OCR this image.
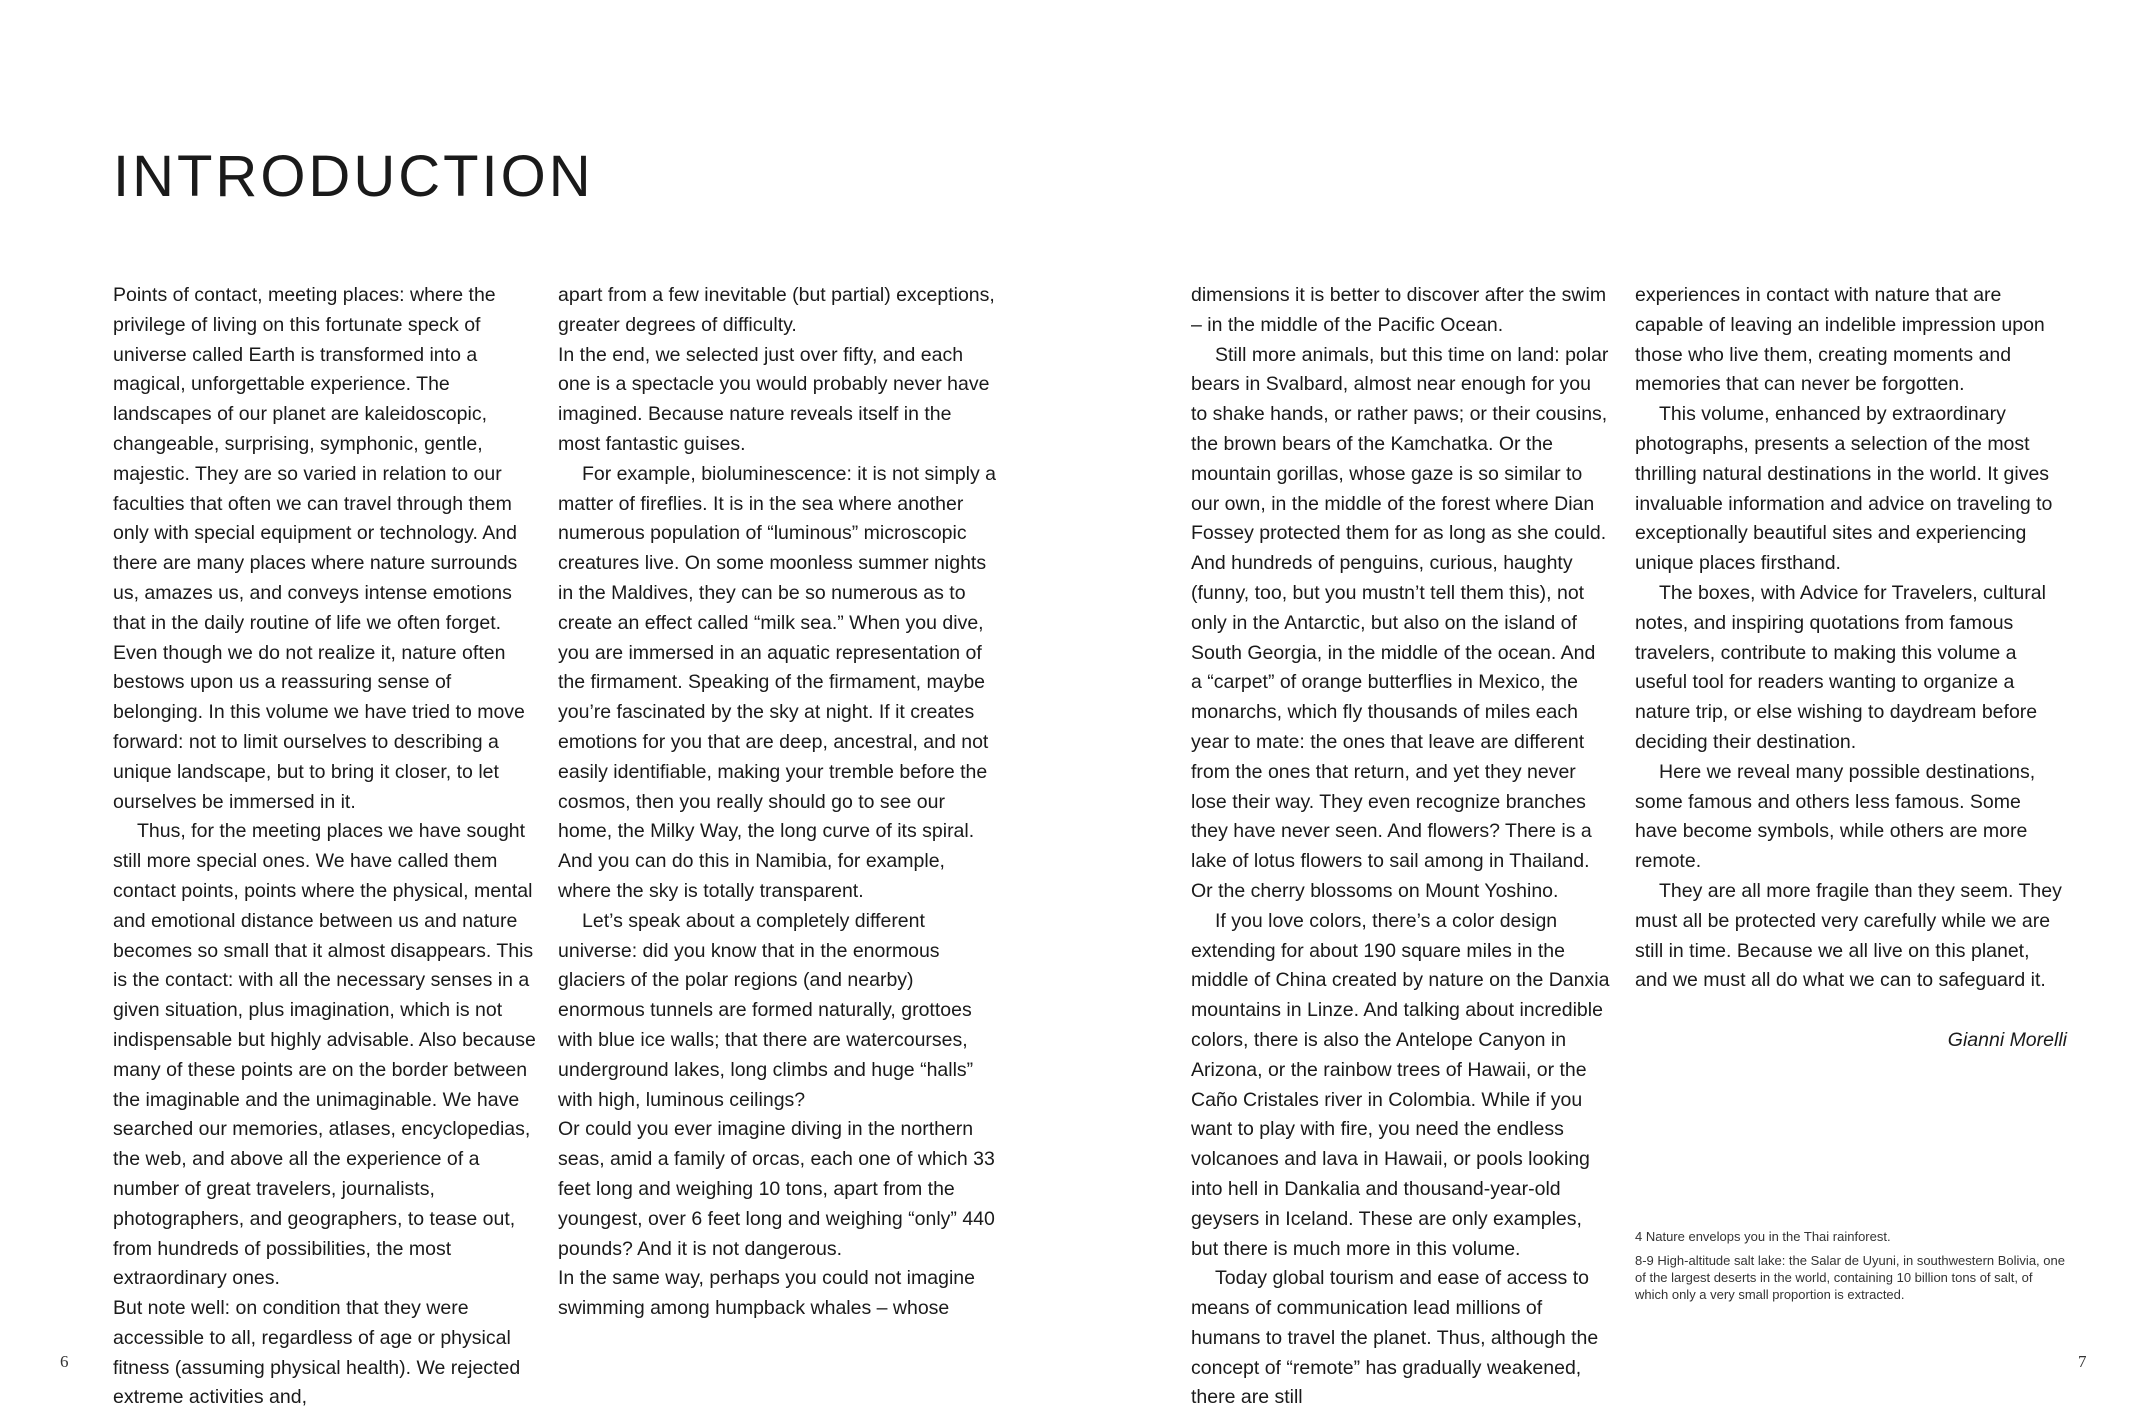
INTRODUCTION

Points of contact, meeting places: where the privilege of living on this fortunate speck of universe called Earth is transformed into a magical, unforgettable experience. The landscapes of our planet are kaleidoscopic, changeable, surprising, symphonic, gentle, majestic. They are so varied in relation to our faculties that often we can travel through them only with special equipment or technology. And there are many places where nature surrounds us, amazes us, and conveys intense emotions that in the daily routine of life we often forget. Even though we do not realize it, nature often bestows upon us a reassuring sense of belonging. In this volume we have tried to move forward: not to limit ourselves to describing a unique landscape, but to bring it closer, to let ourselves be immersed in it.

Thus, for the meeting places we have sought still more special ones. We have called them contact points, points where the physical, mental and emotional distance between us and nature becomes so small that it almost disappears. This is the contact: with all the necessary senses in a given situation, plus imagination, which is not indispensable but highly advisable. Also because many of these points are on the border between the imaginable and the unimaginable. We have searched our memories, atlases, encyclopedias, the web, and above all the experience of a number of great travelers, journalists, photographers, and geographers, to tease out, from hundreds of possibilities, the most extraordinary ones.

But note well: on condition that they were accessible to all, regardless of age or physical fitness (assuming physical health). We rejected extreme activities and,

apart from a few inevitable (but partial) exceptions, greater degrees of difficulty.

In the end, we selected just over fifty, and each one is a spectacle you would probably never have imagined. Because nature reveals itself in the most fantastic guises.

For example, bioluminescence: it is not simply a matter of fireflies. It is in the sea where another numerous population of “luminous” microscopic creatures live. On some moonless summer nights in the Maldives, they can be so numerous as to create an effect called “milk sea.” When you dive, you are immersed in an aquatic representation of the firmament. Speaking of the firmament, maybe you’re fascinated by the sky at night. If it creates emotions for you that are deep, ancestral, and not easily identifiable, making your tremble before the cosmos, then you really should go to see our home, the Milky Way, the long curve of its spiral. And you can do this in Namibia, for example, where the sky is totally transparent.

Let’s speak about a completely different universe: did you know that in the enormous glaciers of the polar regions (and nearby) enormous tunnels are formed naturally, grottoes with blue ice walls; that there are watercourses, underground lakes, long climbs and huge “halls” with high, luminous ceilings?

Or could you ever imagine diving in the northern seas, amid a family of orcas, each one of which 33 feet long and weighing 10 tons, apart from the youngest, over 6 feet long and weighing “only” 440 pounds? And it is not dangerous.

In the same way, perhaps you could not imagine swimming among humpback whales – whose

dimensions it is better to discover after the swim – in the middle of the Pacific Ocean.

Still more animals, but this time on land: polar bears in Svalbard, almost near enough for you to shake hands, or rather paws; or their cousins, the brown bears of the Kamchatka. Or the mountain gorillas, whose gaze is so similar to our own, in the middle of the forest where Dian Fossey protected them for as long as she could. And hundreds of penguins, curious, haughty (funny, too, but you mustn’t tell them this), not only in the Antarctic, but also on the island of South Georgia, in the middle of the ocean. And a “carpet” of orange butterflies in Mexico, the monarchs, which fly thousands of miles each year to mate: the ones that leave are different from the ones that return, and yet they never lose their way. They even recognize branches they have never seen. And flowers? There is a lake of lotus flowers to sail among in Thailand. Or the cherry blossoms on Mount Yoshino.

If you love colors, there’s a color design extending for about 190 square miles in the middle of China created by nature on the Danxia mountains in Linze. And talking about incredible colors, there is also the Antelope Canyon in Arizona, or the rainbow trees of Hawaii, or the Caño Cristales river in Colombia. While if you want to play with fire, you need the endless volcanoes and lava in Hawaii, or pools looking into hell in Dankalia and thousand-year-old geysers in Iceland. These are only examples, but there is much more in this volume.

Today global tourism and ease of access to means of communication lead millions of humans to travel the planet. Thus, although the concept of “remote” has gradually weakened, there are still

experiences in contact with nature that are capable of leaving an indelible impression upon those who live them, creating moments and memories that can never be forgotten.

This volume, enhanced by extraordinary photographs, presents a selection of the most thrilling natural destinations in the world. It gives invaluable information and advice on traveling to exceptionally beautiful sites and experiencing unique places firsthand.

The boxes, with Advice for Travelers, cultural notes, and inspiring quotations from famous travelers, contribute to making this volume a useful tool for readers wanting to organize a nature trip, or else wishing to daydream before deciding their destination.

Here we reveal many possible destinations, some famous and others less famous. Some have become symbols, while others are more remote.

They are all more fragile than they seem. They must all be protected very carefully while we are still in time. Because we all live on this planet, and we must all do what we can to safeguard it.

Gianni Morelli

4 Nature envelops you in the Thai rainforest.

8-9 High-altitude salt lake: the Salar de Uyuni, in southwestern Bolivia, one of the largest deserts in the world, containing 10 billion tons of salt, of which only a very small proportion is extracted.

6	7
